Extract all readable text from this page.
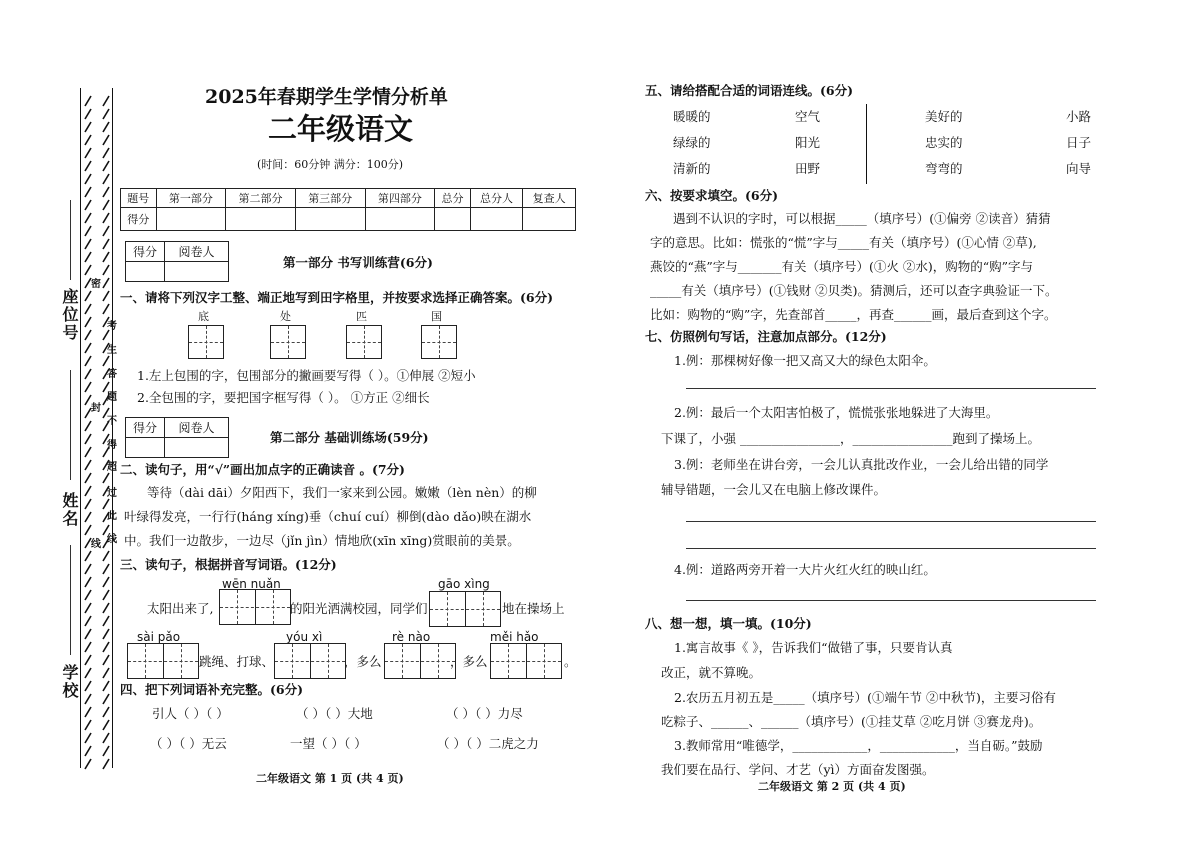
座位号
姓名
学校
密
封
线
考
生
答
题
不
得
超
过
此
线
2025年春期学生学情分析单
二年级语文
(时间：60分钟 满分：100分)
题号	第一部分	第二部分	第三部分	第四部分	总分	总分人	复查人
得分							
得分	阅卷人

第一部分 书写训练营(6分)
一、请将下列汉字工整、端正地写到田字格里，并按要求选择正确答案。(6分)
底	处	匹	国
1.左上包围的字，包围部分的撇画要写得（ ）。①伸展 ②短小
2.全包围的字，要把国字框写得（ ）。 ①方正 ②细长
得分	阅卷人

第二部分 基础训练场(59分)
二、读句子，用“√”画出加点字的正确读音 。(7分)
等待（dài dāi）夕阳西下，我们一家来到公园。嫩嫩（lèn nèn）的柳
叶绿得发亮，一行行(háng xíng)垂（chuí cuí）柳倒(dào dǎo)映在湖水
中。我们一边散步，一边尽（jǐn jìn）情地欣(xīn xīng)赏眼前的美景。
三、读句子，根据拼音写词语。(12分)
wēn nuǎn	gāo xìng
太阳出来了,	的阳光洒满校园，同学们	地在操场上
sài pǎo	yóu xì	rè nào	měi hǎo
跳绳、打球、	，多么	，多么	。
四、把下列词语补充完整。(6分)
引人（ ）（ ）	（ ）（ ）大地	（ ）（ ）力尽
（ ）（ ）无云	一望（ ）（ ）	（ ）（ ）二虎之力
二年级语文 第 1 页 (共 4 页)
五、请给搭配合适的词语连线。(6分)
暖暖的	空气
绿绿的	阳光
清新的	田野
美好的	小路
忠实的	日子
弯弯的	向导
六、按要求填空。(6分)
遇到不认识的字时，可以根据_____（填序号）(①偏旁 ②读音）猜猜
字的意思。比如：慌张的“慌”字与_____有关（填序号）(①心情 ②草),
燕饺的“燕”字与_______有关（填序号）(①火 ②水)，购物的“购”字与
_____有关（填序号）(①钱财 ②贝类)。猜测后，还可以查字典验证一下。
比如：购物的“购”字，先查部首_____，再查______画，最后查到这个字。
七、仿照例句写话，注意加点部分。(12分)
1.例：那棵树好像一把又高又大的绿色太阳伞。
2.例：最后一个太阳害怕极了，慌慌张张地躲进了大海里。
下课了，小强 ________________，________________跑到了操场上。
3.例：老师坐在讲台旁，一会儿认真批改作业，一会儿给出错的同学
辅导错题，一会儿又在电脑上修改课件。
4.例：道路两旁开着一大片火红火红的映山红。
八、想一想，填一填。(10分)
1.寓言故事《 》，告诉我们“做错了事，只要肯认真
改正，就不算晚。
2.农历五月初五是_____（填序号）(①端午节 ②中秋节)，主要习俗有
吃粽子、______、______（填序号）(①挂艾草 ②吃月饼 ③赛龙舟)。
3.教师常用“唯德学，____________，____________，当自砺。”鼓励
我们要在品行、学问、才艺（yì）方面奋发图强。
二年级语文 第 2 页 (共 4 页)
